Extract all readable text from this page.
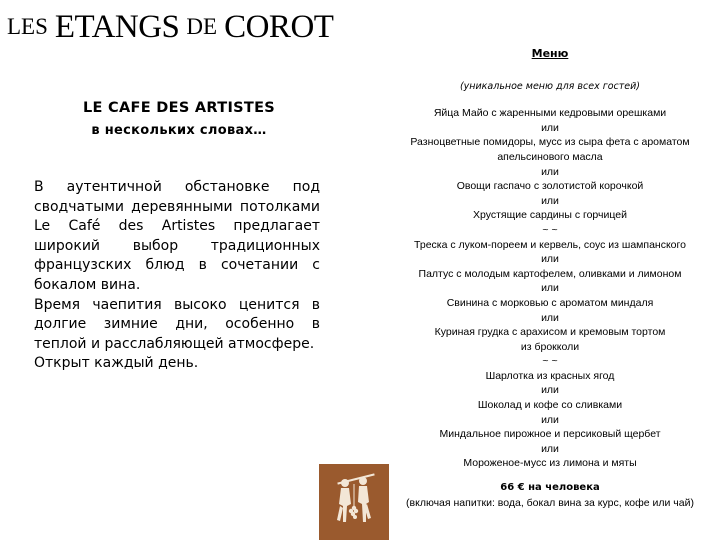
LES ETANGS DE COROT
LE CAFE DES ARTISTES
в нескольких словах…

В аутентичной обстановке под сводчатыми деревянными потолками Le Café des Artistes предлагает широкий выбор традиционных французских блюд в сочетании с бокалом вина.

Время чаепития высоко ценится в долгие зимние дни, особенно в теплой и расслабляющей атмосфере.

Открыт каждый день.

Меню
(уникальное меню для всех гостей)
Яйца Майо с жаренными кедровыми орешками
или
Разноцветные помидоры, мусс из сыра фета с ароматом апельсинового масла
или
Овощи гаспачо с золотистой корочкой
или
Хрустящие сардины с горчицей
~ ~
Треска с луком-пореем и кервель, соус из шампанского
или
Палтус с молодым картофелем, оливками и лимоном
или
Свинина с морковью с ароматом миндаля
или
Куриная грудка с арахисом и кремовым тортом
из брокколи
~ ~
Шарлотка из красных ягод
или
Шоколад и кофе со сливками
или
Миндальное пирожное и персиковый щербет
или
Мороженое-мусс из лимона и мяты
66 € на человека
(включая напитки: вода, бокал вина за курс, кофе или чай)
